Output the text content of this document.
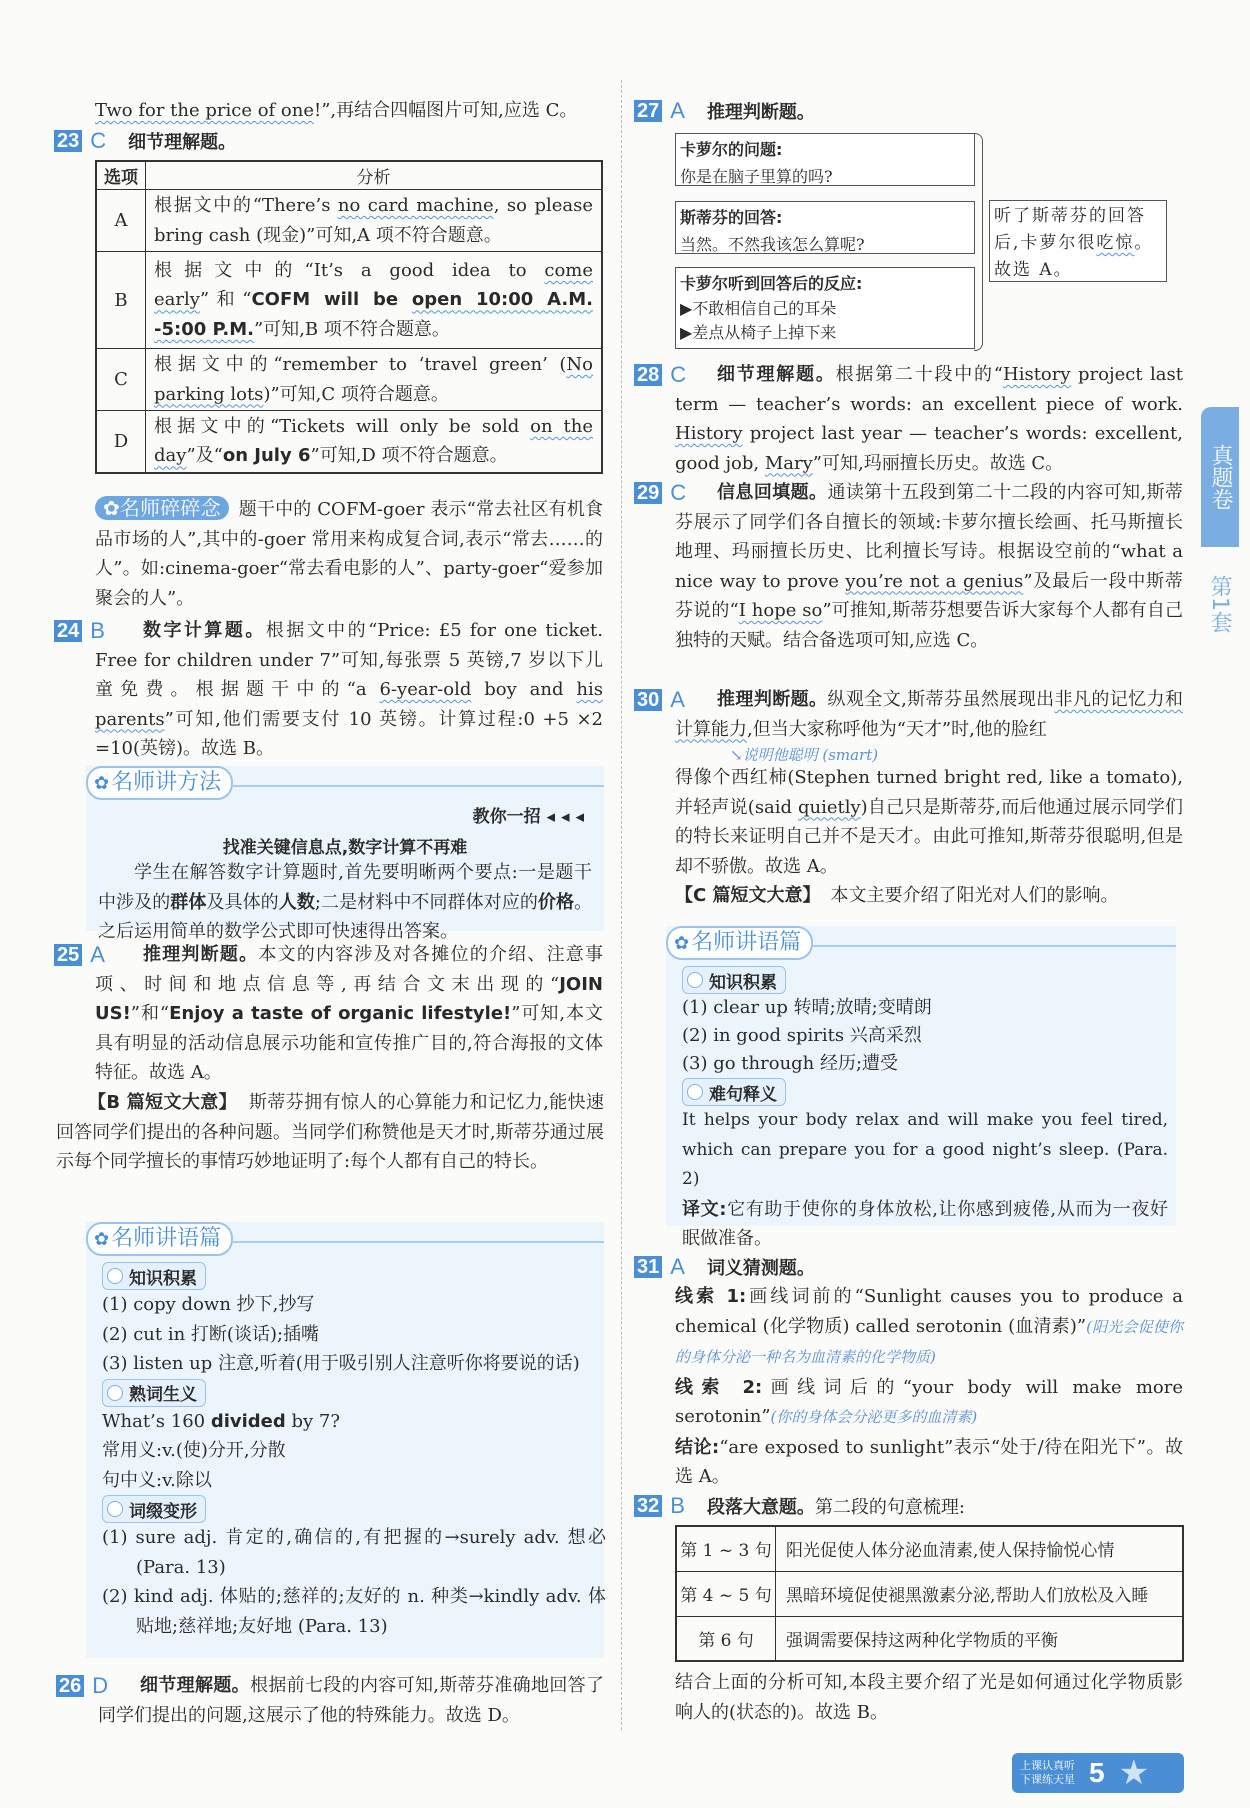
真题卷
第1套
Two for the price of one!”,再结合四幅图片可知,应选 C。
23 C 细节理解题。
选项	分析
A	根据文中的“There’s no card machine, so please bring cash (现金)”可知,A 项不符合题意。
B	根据文中的“It’s a good idea to come early”和“COFM will be open 10:00 A.M. -5:00 P.M.”可知,B 项不符合题意。
C	根据文中的“remember to ‘travel green’ (No parking lots)”可知,C 项符合题意。
D	根据文中的“Tickets will only be sold on the day”及“on July 6”可知,D 项不符合题意。
✿名师碎碎念 题干中的 COFM-goer 表示“常去社区有机食品市场的人”,其中的-goer 常用来构成复合词,表示“常去……的人”。如:cinema-goer“常去看电影的人”、party-goer“爱参加聚会的人”。
24 B	数字计算题。根据文中的“Price: £5 for one ticket. Free for children under 7”可知,每张票 5 英镑,7 岁以下儿童免费。根据题干中的“a 6-year-old boy and his parents”可知,他们需要支付 10 英镑。计算过程:0 +5 ×2 =10(英镑)。故选 B。
✿名师讲方法
教你一招 ◂ ◂ ◂
找准关键信息点,数字计算不再难
学生在解答数字计算题时,首先要明晰两个要点:一是题干中涉及的群体及具体的人数;二是材料中不同群体对应的价格。之后运用简单的数学公式即可快速得出答案。
25 A	推理判断题。本文的内容涉及对各摊位的介绍、注意事项、时间和地点信息等,再结合文末出现的“JOIN US!”和“Enjoy a taste of organic lifestyle!”可知,本文具有明显的活动信息展示功能和宣传推广目的,符合海报的文体特征。故选 A。
【B 篇短文大意】 斯蒂芬拥有惊人的心算能力和记忆力,能快速回答同学们提出的各种问题。当同学们称赞他是天才时,斯蒂芬通过展示每个同学擅长的事情巧妙地证明了:每个人都有自己的特长。
✿名师讲语篇
知识积累
(1) copy down 抄下,抄写
(2) cut in 打断(谈话);插嘴
(3) listen up 注意,听着(用于吸引别人注意听你将要说的话)
熟词生义
What’s 160 divided by 7?
常用义:v.(使)分开,分散
句中义:v.除以
词缀变形
(1) sure adj. 肯定的,确信的,有把握的→surely adv. 想必 (Para. 13)
(2) kind adj. 体贴的;慈祥的;友好的 n. 种类→kindly adv. 体贴地;慈祥地;友好地 (Para. 13)
26 D	细节理解题。根据前七段的内容可知,斯蒂芬准确地回答了同学们提出的问题,这展示了他的特殊能力。故选 D。
27 A 推理判断题。
卡萝尔的问题:
你是在脑子里算的吗?
斯蒂芬的回答:
当然。不然我该怎么算呢?
卡萝尔听到回答后的反应:
▶不敢相信自己的耳朵
▶差点从椅子上掉下来
听了斯蒂芬的回答后,卡萝尔很吃惊。故选 A。
28 C	细节理解题。根据第二十段中的“History project last term — teacher’s words: an excellent piece of work. History project last year — teacher’s words: excellent, good job, Mary”可知,玛丽擅长历史。故选 C。
29 C	信息回填题。通读第十五段到第二十二段的内容可知,斯蒂芬展示了同学们各自擅长的领域:卡萝尔擅长绘画、托马斯擅长地理、玛丽擅长历史、比利擅长写诗。根据设空前的“what a nice way to prove you’re not a genius”及最后一段中斯蒂芬说的“I hope so”可推知,斯蒂芬想要告诉大家每个人都有自己独特的天赋。结合备选项可知,应选 C。
30 A	推理判断题。纵观全文,斯蒂芬虽然展现出非凡的记忆力和计算能力,但当大家称呼他为“天才”时,他的脸红
↘说明他聪明 (smart)
得像个西红柿(Stephen turned bright red, like a tomato),并轻声说(said quietly)自己只是斯蒂芬,而后他通过展示同学们的特长来证明自己并不是天才。由此可推知,斯蒂芬很聪明,但是却不骄傲。故选 A。
【C 篇短文大意】 本文主要介绍了阳光对人们的影响。
✿名师讲语篇
知识积累
(1) clear up 转晴;放晴;变晴朗
(2) in good spirits 兴高采烈
(3) go through 经历;遭受
难句释义
It helps your body relax and will make you feel tired, which can prepare you for a good night’s sleep. (Para. 2)
译文:它有助于使你的身体放松,让你感到疲倦,从而为一夜好眠做准备。
31 A 词义猜测题。
线索 1:画线词前的“Sunlight causes you to produce a chemical (化学物质) called serotonin (血清素)”(阳光会促使你的身体分泌一种名为血清素的化学物质)
线索 2:画线词后的“your body will make more serotonin”(你的身体会分泌更多的血清素)
结论:“are exposed to sunlight”表示“处于/待在阳光下”。故选 A。
32 B 段落大意题。 第二段的句意梳理:
第 1 ~ 3 句	阳光促使人体分泌血清素,使人保持愉悦心情
第 4 ~ 5 句	黑暗环境促使褪黑激素分泌,帮助人们放松及入睡
第 6 句	强调需要保持这两种化学物质的平衡
结合上面的分析可知,本段主要介绍了光是如何通过化学物质影响人的(状态的)。故选 B。
上课认真听
下课练天星 5 ★
